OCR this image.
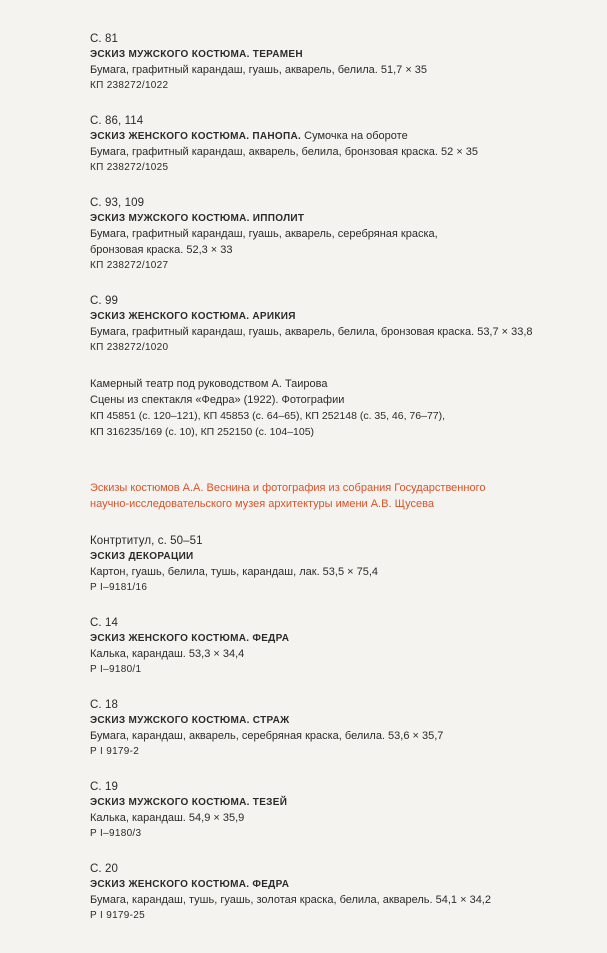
С. 81
ЭСКИЗ МУЖСКОГО КОСТЮМА. ТЕРАМЕН
Бумага, графитный карандаш, гуашь, акварель, белила. 51,7 × 35
КП 238272/1022
С. 86, 114
ЭСКИЗ ЖЕНСКОГО КОСТЮМА. ПАНОПА. Сумочка на обороте
Бумага, графитный карандаш, акварель, белила, бронзовая краска. 52 × 35
КП 238272/1025
С. 93, 109
ЭСКИЗ МУЖСКОГО КОСТЮМА. ИППОЛИТ
Бумага, графитный карандаш, гуашь, акварель, серебряная краска,
бронзовая краска. 52,3 × 33
КП 238272/1027
С. 99
ЭСКИЗ ЖЕНСКОГО КОСТЮМА. АРИКИЯ
Бумага, графитный карандаш, гуашь, акварель, белила, бронзовая краска. 53,7 × 33,8
КП 238272/1020
Камерный театр под руководством А. Таирова
Сцены из спектакля «Федра» (1922). Фотографии
КП 45851 (с. 120–121), КП 45853 (с. 64–65), КП 252148 (с. 35, 46, 76–77),
КП 316235/169 (с. 10), КП 252150 (с. 104–105)
Эскизы костюмов А.А. Веснина и фотография из собрания Государственного
научно-исследовательского музея архитектуры имени А.В. Щусева
Контртитул, с. 50–51
ЭСКИЗ ДЕКОРАЦИИ
Картон, гуашь, белила, тушь, карандаш, лак. 53,5 × 75,4
Р I–9181/16
С. 14
ЭСКИЗ ЖЕНСКОГО КОСТЮМА. ФЕДРА
Калька, карандаш. 53,3 × 34,4
Р I–9180/1
С. 18
ЭСКИЗ МУЖСКОГО КОСТЮМА. СТРАЖ
Бумага, карандаш, акварель, серебряная краска, белила. 53,6 × 35,7
Р I 9179-2
С. 19
ЭСКИЗ МУЖСКОГО КОСТЮМА. ТЕЗЕЙ
Калька, карандаш. 54,9 × 35,9
Р I–9180/3
С. 20
ЭСКИЗ ЖЕНСКОГО КОСТЮМА. ФЕДРА
Бумага, карандаш, тушь, гуашь, золотая краска, белила, акварель. 54,1 × 34,2
Р I 9179-25
